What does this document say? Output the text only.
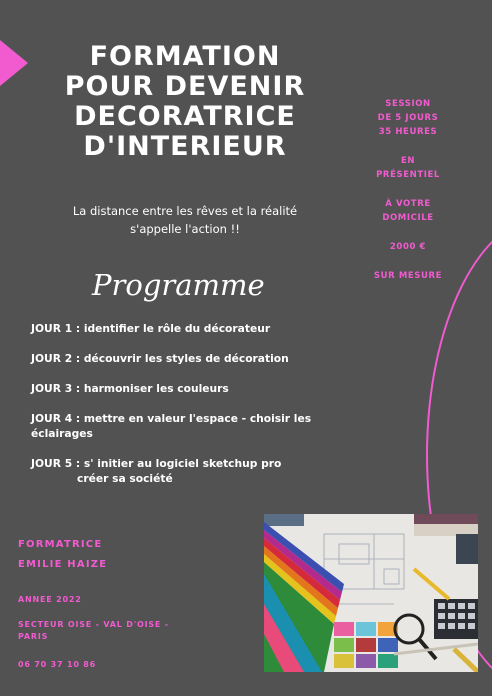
FORMATION
POUR DEVENIR
DECORATRICE
D'INTERIEUR

La distance entre les rêves et la réalité
s'appelle l'action !!

SESSION
DE 5 JOURS
35 HEURES

EN
PRÉSENTIEL

À VOTRE
DOMICILE

2000 €

SUR MESURE

Programme

JOUR 1 : identifier le rôle du décorateur

JOUR 2 : découvrir les styles de décoration

JOUR 3 : harmoniser les couleurs

JOUR 4 : mettre en valeur l'espace - choisir les
éclairages
JOUR 5 : s' initier au logiciel sketchup pro
créer sa société
FORMATRICE
EMILIE HAIZE
ANNEE 2022
SECTEUR OISE - VAL D'OISE -
PARIS
06 70 37 10 86
